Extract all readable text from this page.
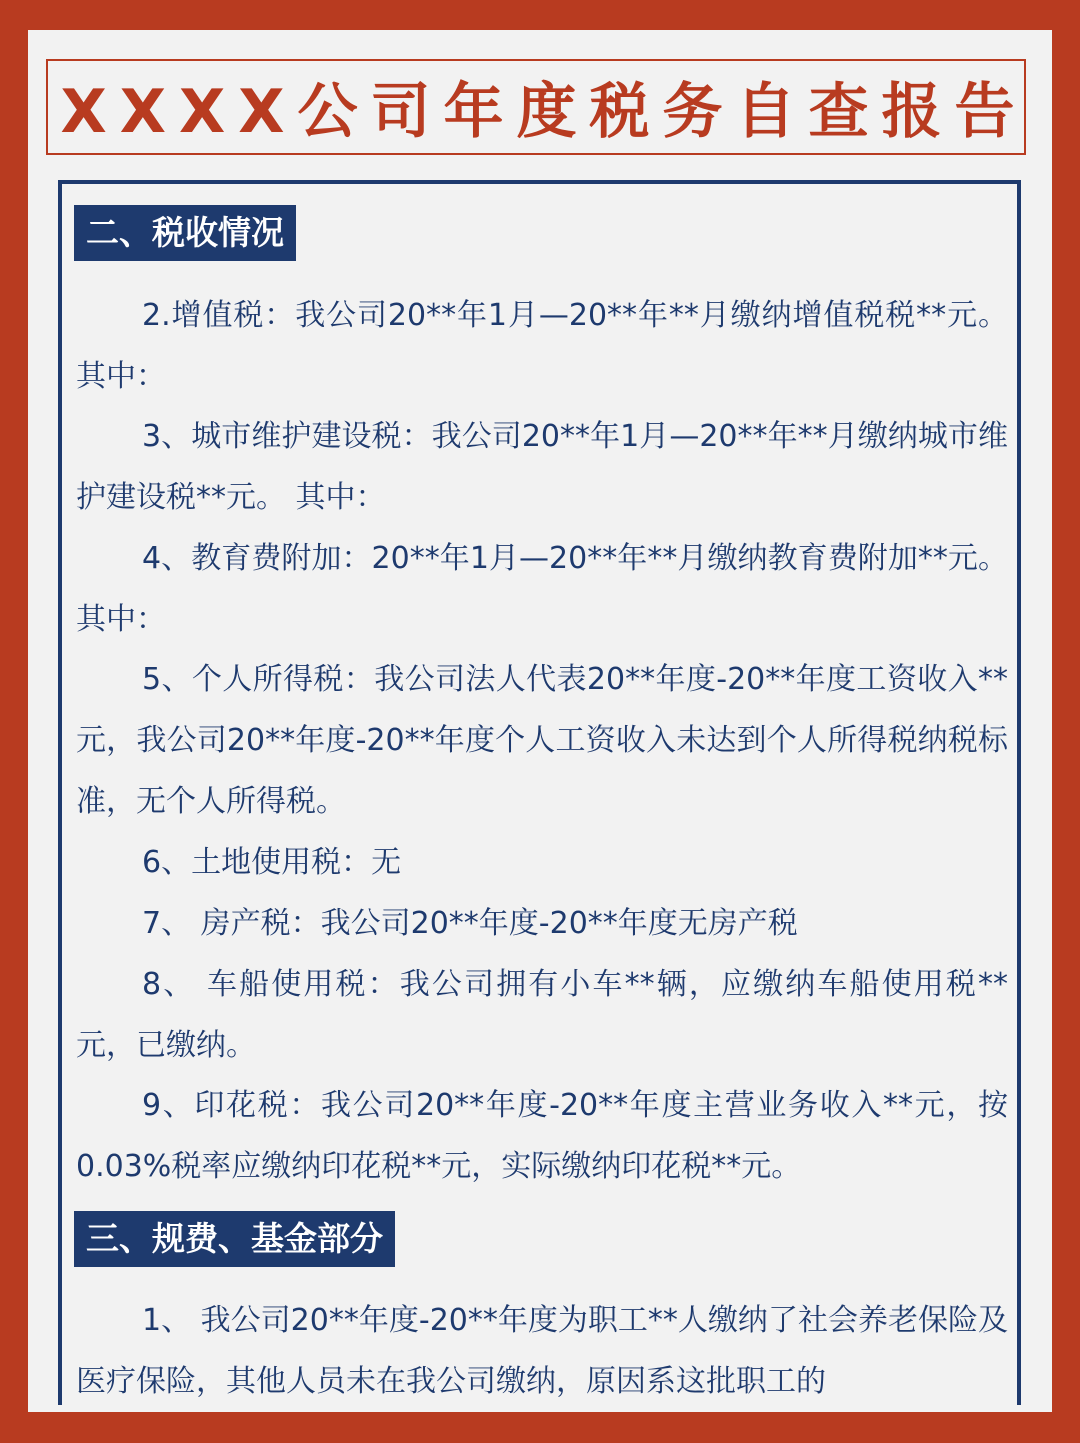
XXXX公司年度税务自查报告
二、税收情况

2.增值税：我公司20**年1月—20**年**月缴纳增值税税**元。 其中：

3、城市维护建设税：我公司20**年1月—20**年**月缴纳城市维护建设税**元。 其中：

4、教育费附加：20**年1月—20**年**月缴纳教育费附加**元。 其中：

5、个人所得税：我公司法人代表20**年度-20**年度工资收入**元，我公司20**年度-20**年度个人工资收入未达到个人所得税纳税标准，无个人所得税。

6、土地使用税：无

7、 房产税：我公司20**年度-20**年度无房产税

8、 车船使用税：我公司拥有小车**辆，应缴纳车船使用税**元，已缴纳。

9、印花税：我公司20**年度-20**年度主营业务收入**元，按0.03%税率应缴纳印花税**元，实际缴纳印花税**元。

三、规费、基金部分

1、 我公司20**年度-20**年度为职工**人缴纳了社会养老保险及医疗保险，其他人员未在我公司缴纳，原因系这批职工的
